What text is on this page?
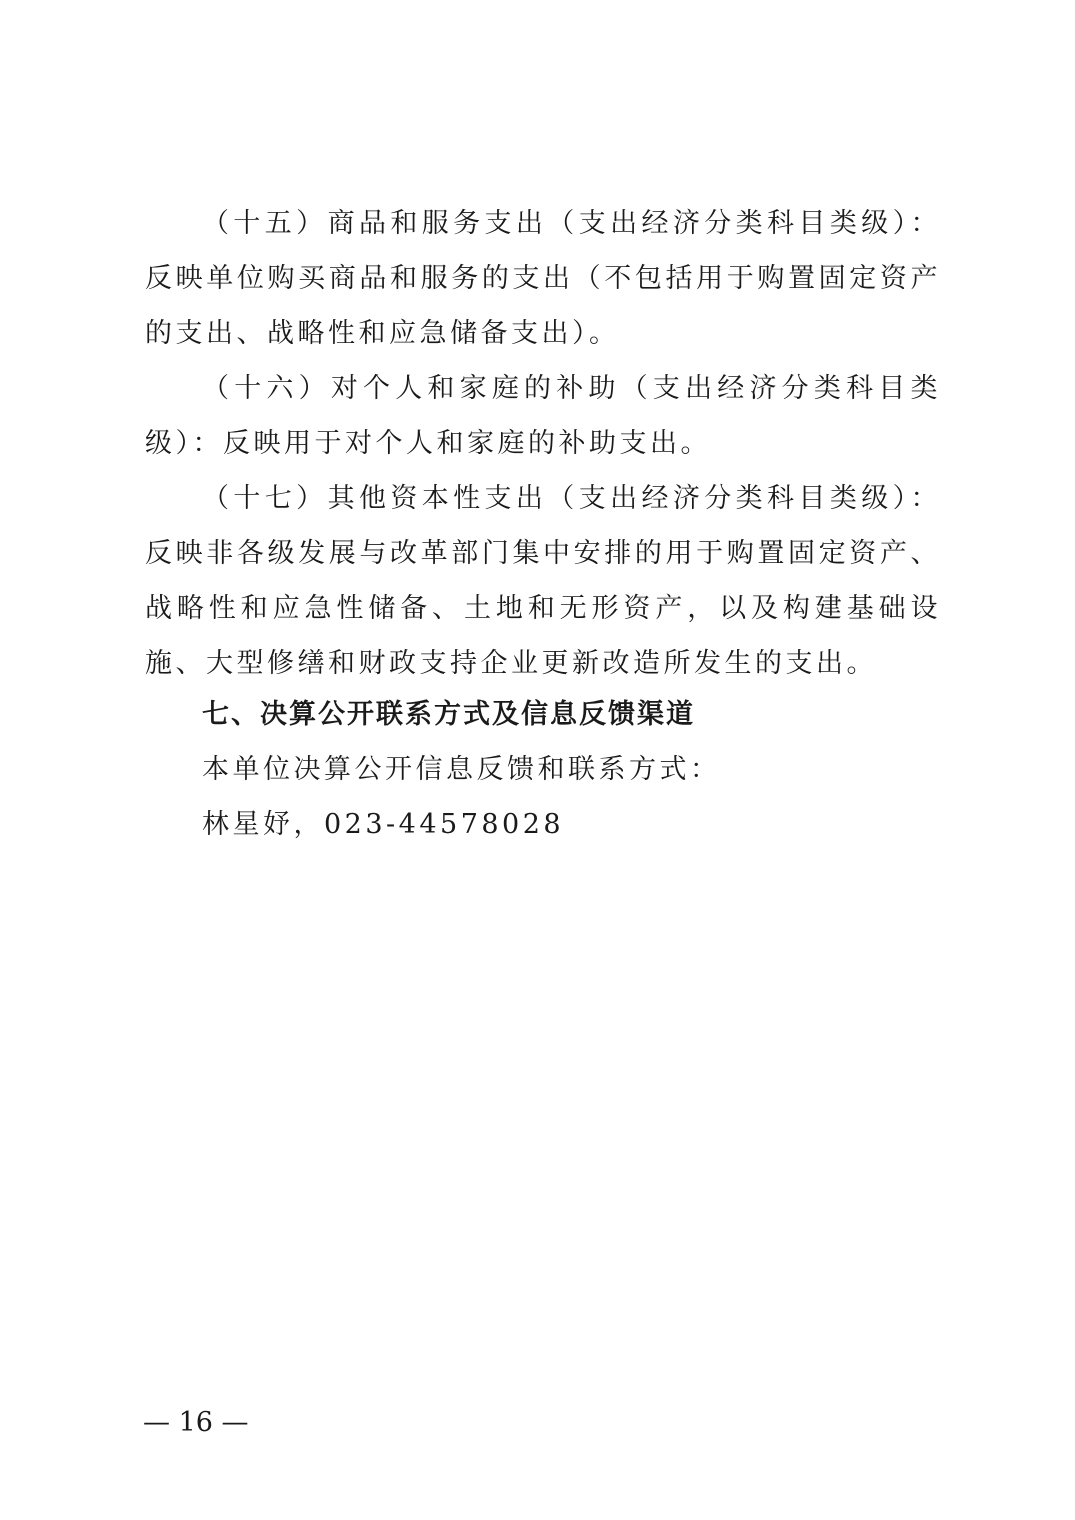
（十五）商品和服务支出（支出经济分类科目类级）：反映单位购买商品和服务的支出（不包括用于购置固定资产的支出、战略性和应急储备支出）。

（十六）对个人和家庭的补助（支出经济分类科目类级）：反映用于对个人和家庭的补助支出。

（十七）其他资本性支出（支出经济分类科目类级）：反映非各级发展与改革部门集中安排的用于购置固定资产、战略性和应急性储备、土地和无形资产，以及构建基础设施、大型修缮和财政支持企业更新改造所发生的支出。

七、决算公开联系方式及信息反馈渠道

本单位决算公开信息反馈和联系方式：

林星妤，023-44578028

— 16 —
